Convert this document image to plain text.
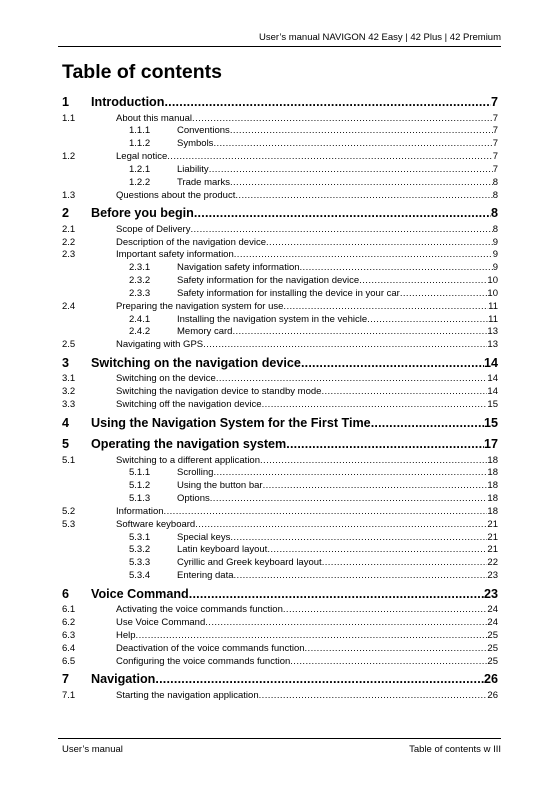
User’s manual NAVIGON 42 Easy | 42 Plus | 42 Premium
Table of contents
1	Introduction .....	7
1.1	About this manual .....	7
1.1.1	Conventions .....	7
1.1.2	Symbols .....	7
1.2	Legal notice .....	7
1.2.1	Liability .....	7
1.2.2	Trade marks .....	8
1.3	Questions about the product .....	8
2	Before you begin .....	8
2.1	Scope of Delivery .....	8
2.2	Description of the navigation device .....	9
2.3	Important safety information .....	9
2.3.1	Navigation safety information .....	9
2.3.2	Safety information for the navigation device .....	10
2.3.3	Safety information for installing the device in your car .....	10
2.4	Preparing the navigation system for use .....	11
2.4.1	Installing the navigation system in the vehicle .....	11
2.4.2	Memory card .....	13
2.5	Navigating with GPS .....	13
3	Switching on the navigation device .....	14
3.1	Switching on the device .....	14
3.2	Switching the navigation device to standby mode .....	14
3.3	Switching off the navigation device .....	15
4	Using the Navigation System for the First Time .....	15
5	Operating the navigation system .....	17
5.1	Switching to a different application .....	18
5.1.1	Scrolling .....	18
5.1.2	Using the button bar .....	18
5.1.3	Options .....	18
5.2	Information .....	18
5.3	Software keyboard .....	21
5.3.1	Special keys .....	21
5.3.2	Latin keyboard layout .....	21
5.3.3	Cyrillic and Greek keyboard layout .....	22
5.3.4	Entering data .....	23
6	Voice Command .....	23
6.1	Activating the voice commands function .....	24
6.2	Use Voice Command .....	24
6.3	Help .....	25
6.4	Deactivation of the voice commands function .....	25
6.5	Configuring the voice commands function .....	25
7	Navigation .....	26
7.1	Starting the navigation application .....	26
User’s manual	Table of contents w III
